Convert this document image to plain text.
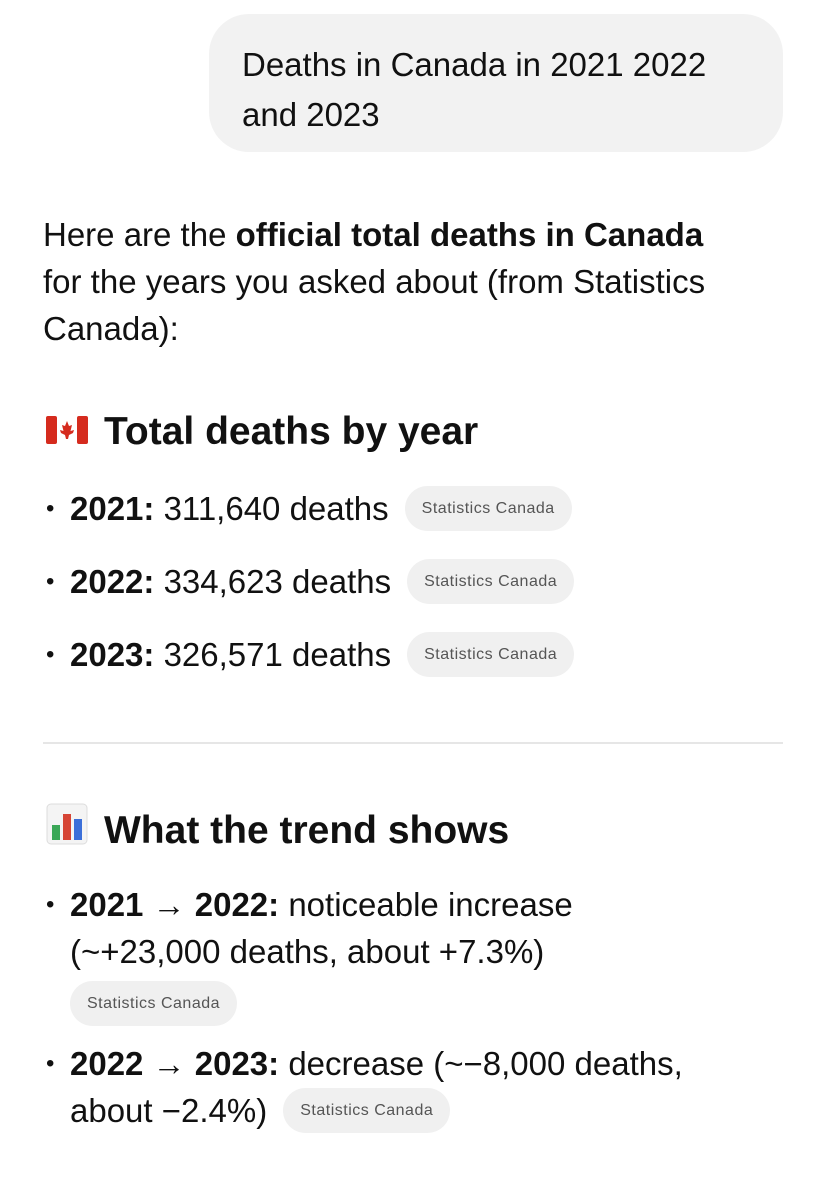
Deaths in Canada in 2021 2022
and 2023
Here are the official total deaths in Canada
for the years you asked about (from Statistics
Canada):
Total deaths by year
• 2021: 311,640 deaths Statistics Canada
• 2022: 334,623 deaths Statistics Canada
• 2023: 326,571 deaths Statistics Canada
What the trend shows
• 2021 → 2022: noticeable increase
(~+23,000 deaths, about +7.3%)
Statistics Canada
• 2022 → 2023: decrease (~−8,000 deaths,
about −2.4%) Statistics Canada
